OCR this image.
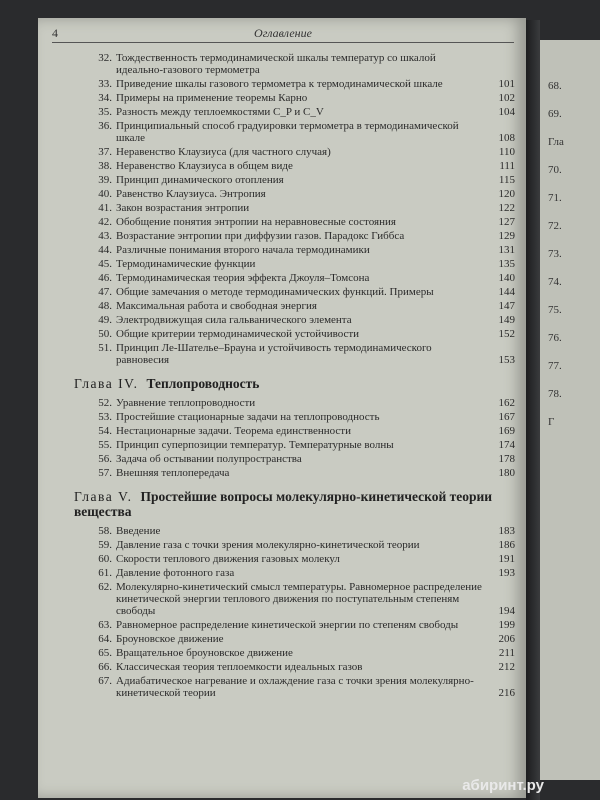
68.
69.
Гла
70.
71.
72.
73.
74.
75.
76.
77.
78.
Г
4	Оглавление
32. Тождественность термодинамической шкалы температур со шкалой идеально-газового термометра
33. Приведение шкалы газового термометра к термодинамической шкале	101
34. Примеры на применение теоремы Карно	102
35. Разность между теплоемкостями C_P и C_V	104
36. Принципиальный способ градуировки термометра в термодинамической шкале	108
37. Неравенство Клаузиуса (для частного случая)	110
38. Неравенство Клаузиуса в общем виде	111
39. Принцип динамического отопления	115
40. Равенство Клаузиуса. Энтропия	120
41. Закон возрастания энтропии	122
42. Обобщение понятия энтропии на неравновесные состояния	127
43. Возрастание энтропии при диффузии газов. Парадокс Гиббса	129
44. Различные понимания второго начала термодинамики	131
45. Термодинамические функции	135
46. Термодинамическая теория эффекта Джоуля–Томсона	140
47. Общие замечания о методе термодинамических функций. Примеры	144
48. Максимальная работа и свободная энергия	147
49. Электродвижущая сила гальванического элемента	149
50. Общие критерии термодинамической устойчивости	152
51. Принцип Ле-Шателье–Брауна и устойчивость термодинамического равновесия	153
Глава IV. Теплопроводность
52. Уравнение теплопроводности	162
53. Простейшие стационарные задачи на теплопроводность	167
54. Нестационарные задачи. Теорема единственности	169
55. Принцип суперпозиции температур. Температурные волны	174
56. Задача об остывании полупространства	178
57. Внешняя теплопередача	180
Глава V. Простейшие вопросы молекулярно-кинетической теории вещества
58. Введение	183
59. Давление газа с точки зрения молекулярно-кинетической теории	186
60. Скорости теплового движения газовых молекул	191
61. Давление фотонного газа	193
62. Молекулярно-кинетический смысл температуры. Равномерное распределение кинетической энергии теплового движения по поступательным степеням свободы	194
63. Равномерное распределение кинетической энергии по степеням свободы	199
64. Броуновское движение	206
65. Вращательное броуновское движение	211
66. Классическая теория теплоемкости идеальных газов	212
67. Адиабатическое нагревание и охлаждение газа с точки зрения молекулярно-кинетической теории	216
абиринт.ру
